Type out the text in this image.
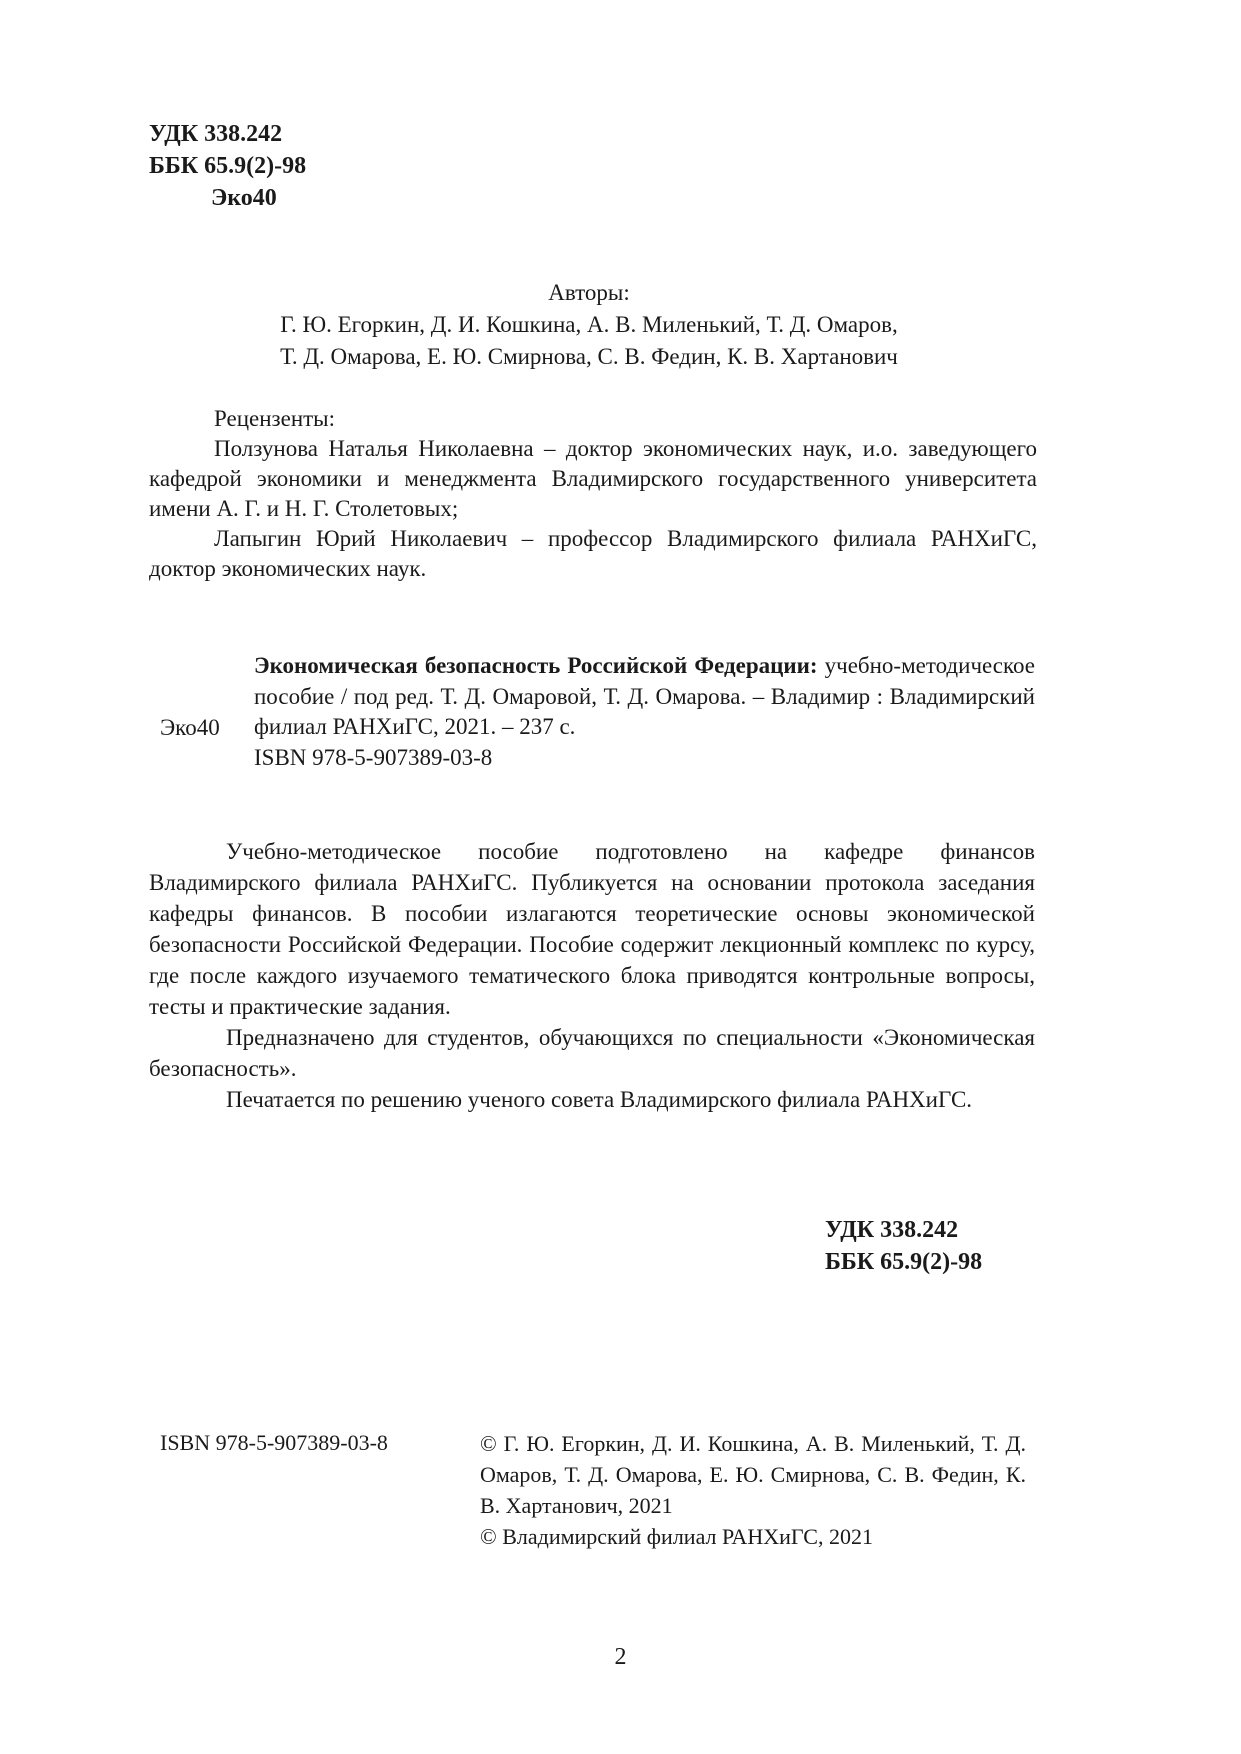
УДК 338.242
ББК 65.9(2)-98
Эко40
Авторы:
Г. Ю. Егоркин, Д. И. Кошкина, А. В. Миленький, Т. Д. Омаров,
Т. Д. Омарова, Е. Ю. Смирнова, С. В. Федин, К. В. Хартанович
Рецензенты:

Ползунова Наталья Николаевна – доктор экономических наук, и.о. заведующего кафедрой экономики и менеджмента Владимирского государственного университета имени А. Г. и Н. Г. Столетовых;

Лапыгин Юрий Николаевич – профессор Владимирского филиала РАНХиГС, доктор экономических наук.

Эко40
Экономическая безопасность Российской Федерации: учебно-методическое пособие / под ред. Т. Д. Омаровой, Т. Д. Омарова. – Владимир : Владимирский филиал РАНХиГС, 2021. – 237 с.
ISBN 978-5-907389-03-8

Учебно-методическое пособие подготовлено на кафедре финансов Владимирского филиала РАНХиГС. Публикуется на основании протокола заседания кафедры финансов. В пособии излагаются теоретические основы экономической безопасности Российской Федерации. Пособие содержит лекционный комплекс по курсу, где после каждого изучаемого тематического блока приводятся контрольные вопросы, тесты и практические задания.

Предназначено для студентов, обучающихся по специальности «Экономическая безопасность».

Печатается по решению ученого совета Владимирского филиала РАНХиГС.

УДК 338.242
ББК 65.9(2)-98
ISBN 978-5-907389-03-8	© Г. Ю. Егоркин, Д. И. Кошкина, А. В. Миленький, Т. Д. Омаров, Т. Д. Омарова, Е. Ю. Смирнова, С. В. Федин, К. В. Хартанович, 2021

© Владимирский филиал РАНХиГС, 2021

2
